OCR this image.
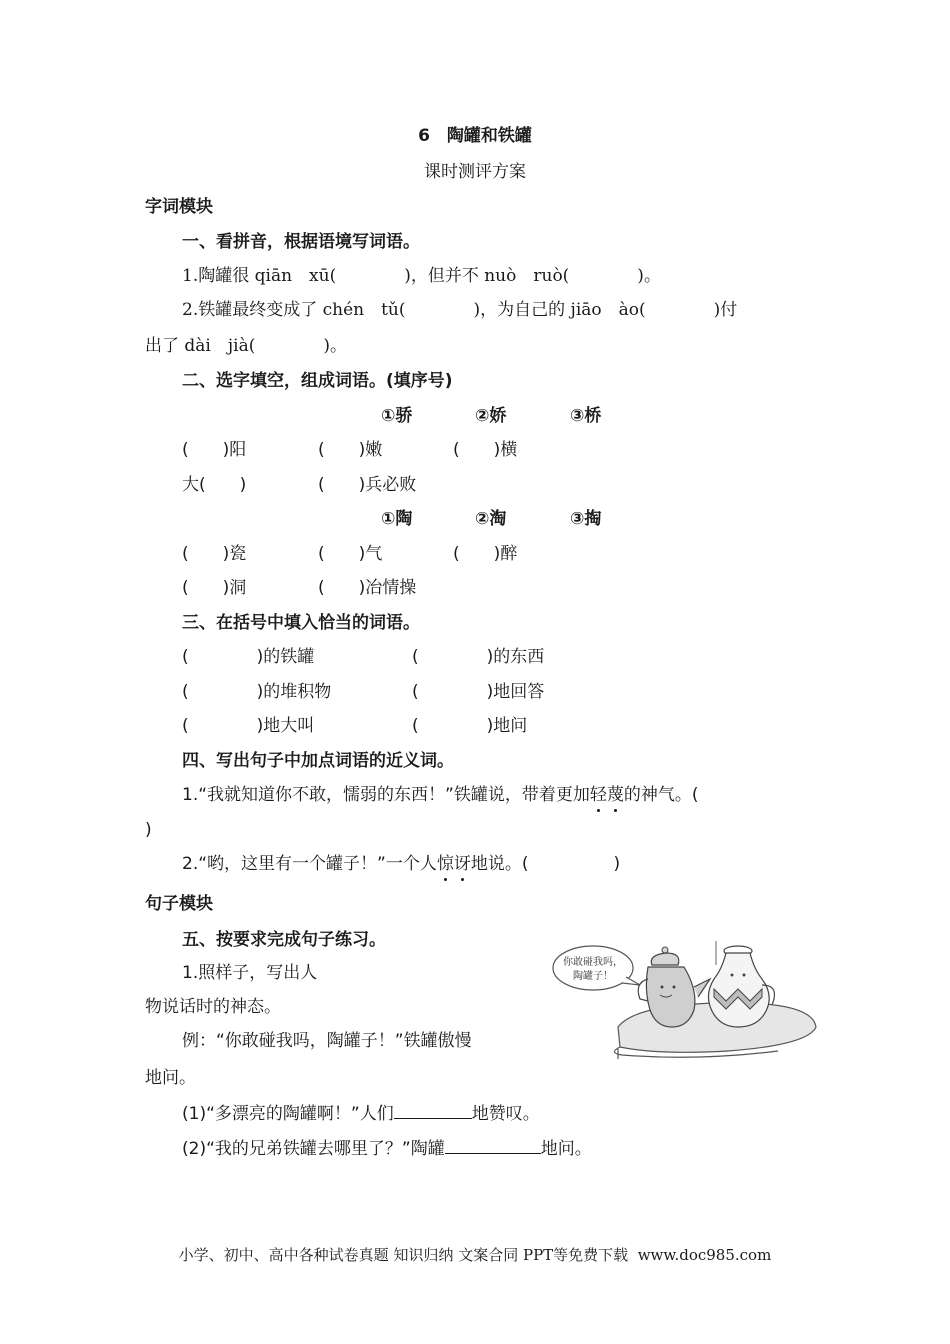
6　陶罐和铁罐
课时测评方案
字词模块
一、看拼音，根据语境写词语。
1.陶罐很 qiān　xū(　　　　)，但并不 nuò　ruò(　　　　)。
2.铁罐最终变成了 chén　tǔ(　　　　)，为自己的 jiāo　ào(　　　　)付
出了 dài　jià(　　　　)。
二、选字填空，组成词语。(填序号)
①骄	②娇	③桥
(　　)阳	(　　)嫩	(　　)横
大(　　)	(　　)兵必败
①陶	②淘	③掏
(　　)瓷	(　　)气	(　　)醉
(　　)洞	(　　)冶情操
三、在括号中填入恰当的词语。
(　　　　)的铁罐	(　　　　)的东西
(　　　　)的堆积物	(　　　　)地回答
(　　　　)地大叫	(　　　　)地问
四、写出句子中加点词语的近义词。
1.“我就知道你不敢，懦弱的东西！”铁罐说，带着更加轻蔑的神气。(
)
2.“哟，这里有一个罐子！”一个人惊讶地说。(　　　　　)
句子模块
五、按要求完成句子练习。
1.照样子，写出人
物说话时的神态。
例：“你敢碰我吗，陶罐子！”铁罐傲慢
地问。
(1)“多漂亮的陶罐啊！”人们	地赞叹。
(2)“我的兄弟铁罐去哪里了？”陶罐	地问。
你敢碰我吗，
陶罐子！
小学、初中、高中各种试卷真题 知识归纳 文案合同 PPT等免费下载 www.doc985.com
